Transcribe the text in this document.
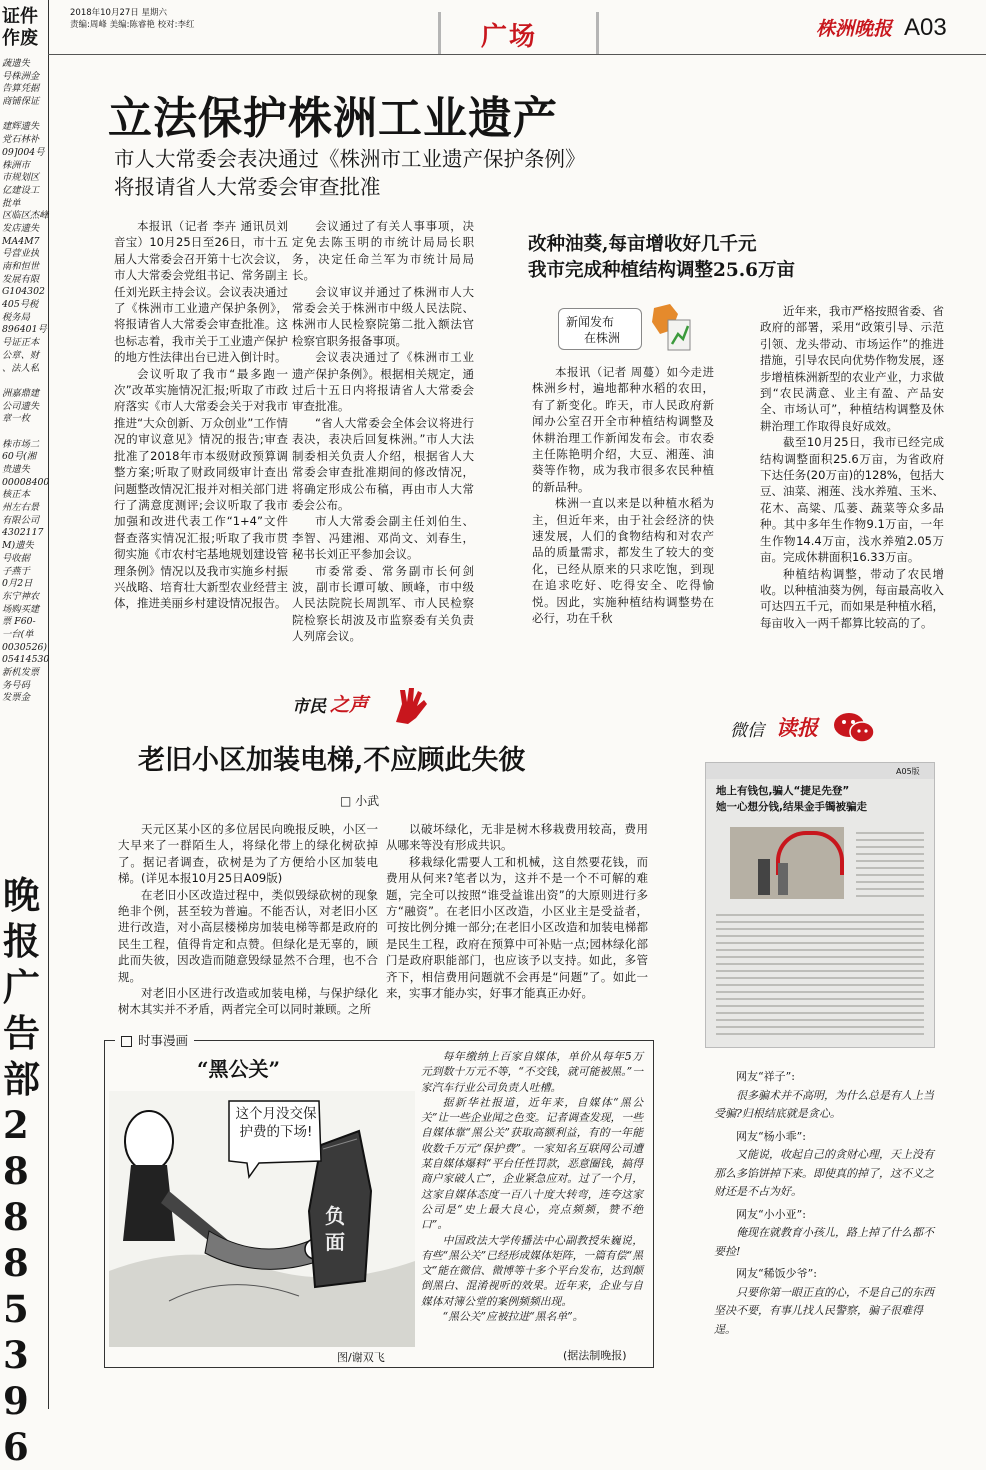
证件作废
蔬遗失
号株洲金
告算凭据
商铺保证
建辉遗失
党石林补
09]004号
株洲市
市规划区
亿建设工
批单
区临区杰峰
发店遗失
MA4M7
号营业执
南和恒世
发展有限
G104302
405号税
税务局
896401号
号证正本
公章、财
、法人私
洲嘉鼎建
公司遗失
章一枚
株市场二
60号(湘
贵遗失
00008400
核正本
州左右景
有限公司
4302117
M)遗失
号收据
子燕于
0月2日
东宁神农
场购买建
票 F60-
一台(单
0030526)
05414530
新机发票
务号码
发票金
晚报广告部 2888 5396
2018年10月27日 星期六
责编:周峰 美编:陈睿艳 校对:李红	广场	株洲晚报 A03
立法保护株洲工业遗产
市人大常委会表决通过《株洲市工业遗产保护条例》
将报请省人大常委会审查批准

本报讯（记者 李卉 通讯员刘音宝）10月25日至26日，市十五届人大常委会召开第十七次会议，市人大常委会党组书记、常务副主任刘光跃主持会议。会议表决通过了《株洲市工业遗产保护条例》，将报请省人大常委会审查批准。这也标志着，我市关于工业遗产保护的地方性法律出台已进入倒计时。

会议听取了我市“最多跑一次”改革实施情况汇报;听取了市政府落实《市人大常委会关于对我市推进“大众创新、万众创业”工作情况的审议意见》情况的报告;审查批准了2018年市本级财政预算调整方案;听取了财政同级审计查出问题整改情况汇报并对相关部门进行了满意度测评;会议听取了我市加强和改进代表工作“1+4”文件督查落实情况汇报;听取了我市贯彻实施《市农村宅基地规划建设管理条例》情况以及我市实施乡村振兴战略、培育壮大新型农业经营主体，推进美丽乡村建设情况报告。

会议通过了有关人事事项，决定免去陈玉明的市统计局局长职务，决定任命兰军为市统计局局长。

会议审议并通过了株洲市人大常委会关于株洲市中级人民法院、株洲市人民检察院第二批入额法官检察官职务报备事项。

会议表决通过了《株洲市工业遗产保护条例》。根据相关规定，通过后十五日内将报请省人大常委会审查批准。

“省人大常委会全体会议将进行表决，表决后回复株洲。”市人大法制委相关负责人介绍，根据省人大常委会审查批准期间的修改情况，将确定形成公布稿，再由市人大常委会公布。

市人大常委会副主任刘伯生、李智、冯建湘、邓尚文、刘春生，秘书长刘正平参加会议。

市委常委、常务副市长何剑波，副市长谭可敏、顾峰，市中级人民法院院长周凯军、市人民检察院检察长胡波及市监察委有关负责人列席会议。

改种油葵,每亩增收好几千元
我市完成种植结构调整25.6万亩
新闻发布
在株洲

本报讯（记者 周蔓）如今走进株洲乡村，遍地都种水稻的农田，有了新变化。昨天，市人民政府新闻办公室召开全市种植结构调整及休耕治理工作新闻发布会。市农委主任陈艳明介绍，大豆、湘莲、油葵等作物，成为我市很多农民种植的新品种。

株洲一直以来是以种植水稻为主，但近年来，由于社会经济的快速发展，人们的食物结构和对农产品的质量需求，都发生了较大的变化，已经从原来的只求吃饱，到现在追求吃好、吃得安全、吃得愉悦。因此，实施种植结构调整势在必行，功在千秋

近年来，我市严格按照省委、省政府的部署，采用“政策引导、示范引领、龙头带动、市场运作”的推进措施，引导农民向优势作物发展，逐步增植株洲新型的农业产业，力求做到“农民满意、业主有盈、产品安全、市场认可”，种植结构调整及休耕治理工作取得良好成效。

截至10月25日，我市已经完成结构调整面积25.6万亩，为省政府下达任务(20万亩)的128%，包括大豆、油菜、湘莲、浅水养殖、玉米、花木、高粱、瓜蒌、蔬菜等众多品种。其中多年生作物9.1万亩，一年生作物14.4万亩，浅水养殖2.05万亩。完成休耕面积16.33万亩。

种植结构调整，带动了农民增收。以种植油葵为例，每亩最高收入可达四五千元，而如果是种植水稻，每亩收入一两千都算比较高的了。

市民 之声
老旧小区加装电梯,不应顾此失彼
□ 小武

天元区某小区的多位居民向晚报反映，小区一大早来了一群陌生人，将绿化带上的绿化树砍掉了。据记者调查，砍树是为了方便给小区加装电梯。(详见本报10月25日A09版)

在老旧小区改造过程中，类似毁绿砍树的现象绝非个例，甚至较为普遍。不能否认，对老旧小区进行改造，对小高层楼梯房加装电梯等都是政府的民生工程，值得肯定和点赞。但绿化是无辜的，顾此而失彼，因改造而随意毁绿显然不合理，也不合规。

对老旧小区进行改造或加装电梯，与保护绿化树木其实并不矛盾，两者完全可以同时兼顾。之所

以破坏绿化，无非是树木移栽费用较高，费用从哪来等没有形成共识。

移栽绿化需要人工和机械，这自然要花钱，而费用从何来?笔者以为，这并不是一个不可解的难题，完全可以按照“谁受益谁出资”的大原则进行多方“融资”。在老旧小区改造，小区业主是受益者，可按比例分摊一部分;在老旧小区改造和加装电梯都是民生工程，政府在预算中可补贴一点;园林绿化部门是政府职能部门，也应该予以支持。如此，多管齐下，相信费用问题就不会再是“问题”了。如此一来，实事才能办实，好事才能真正办好。

时事漫画
“黑公关”
这个月没交保护费的下场!
负面
图/谢双飞

每年缴纳上百家自媒体，单价从每年5万元到数十万元不等，“不交钱，就可能被黑。”一家汽车行业公司负责人吐槽。

据新华社报道，近年来，自媒体“黑公关”让一些企业闻之色变。记者调查发现，一些自媒体靠“黑公关”获取高额利益，有的一年能收数千万元“保护费”。一家知名互联网公司遭某自媒体爆料“平台任性罚款，恶意圈钱，搞得商户家破人亡”，企业紧急应对。过了一个月，这家自媒体态度一百八十度大转弯，连夸这家公司是“史上最大良心，亮点频频，赞不绝口”。

中国政法大学传播法中心副教授朱巍说，有些“黑公关”已经形成媒体矩阵，一篇有偿“黑文”能在微信、微博等十多个平台发布，达到颠倒黑白、混淆视听的效果。近年来，企业与自媒体对簿公堂的案例频频出现。

“黑公关”应被拉进“黑名单”。

(据法制晚报)
微信 读报
A05版
地上有钱包,骗人“捷足先登”
她一心想分钱,结果金手镯被骗走
网友“祥子”:
很多骗术并不高明，为什么总是有人上当受骗?归根结底就是贪心。
网友“杨小乖”:
又能说，收起自己的贪财心理，天上没有那么多馅饼掉下来。即使真的掉了，这不义之财还是不占为好。
网友“小小亚”:
俺现在就教育小孩儿，路上掉了什么都不要捡!
网友“稀饭少爷”:
只要你第一眼正直的心，不是自己的东西坚决不要，有事儿找人民警察，骗子很难得逞。
